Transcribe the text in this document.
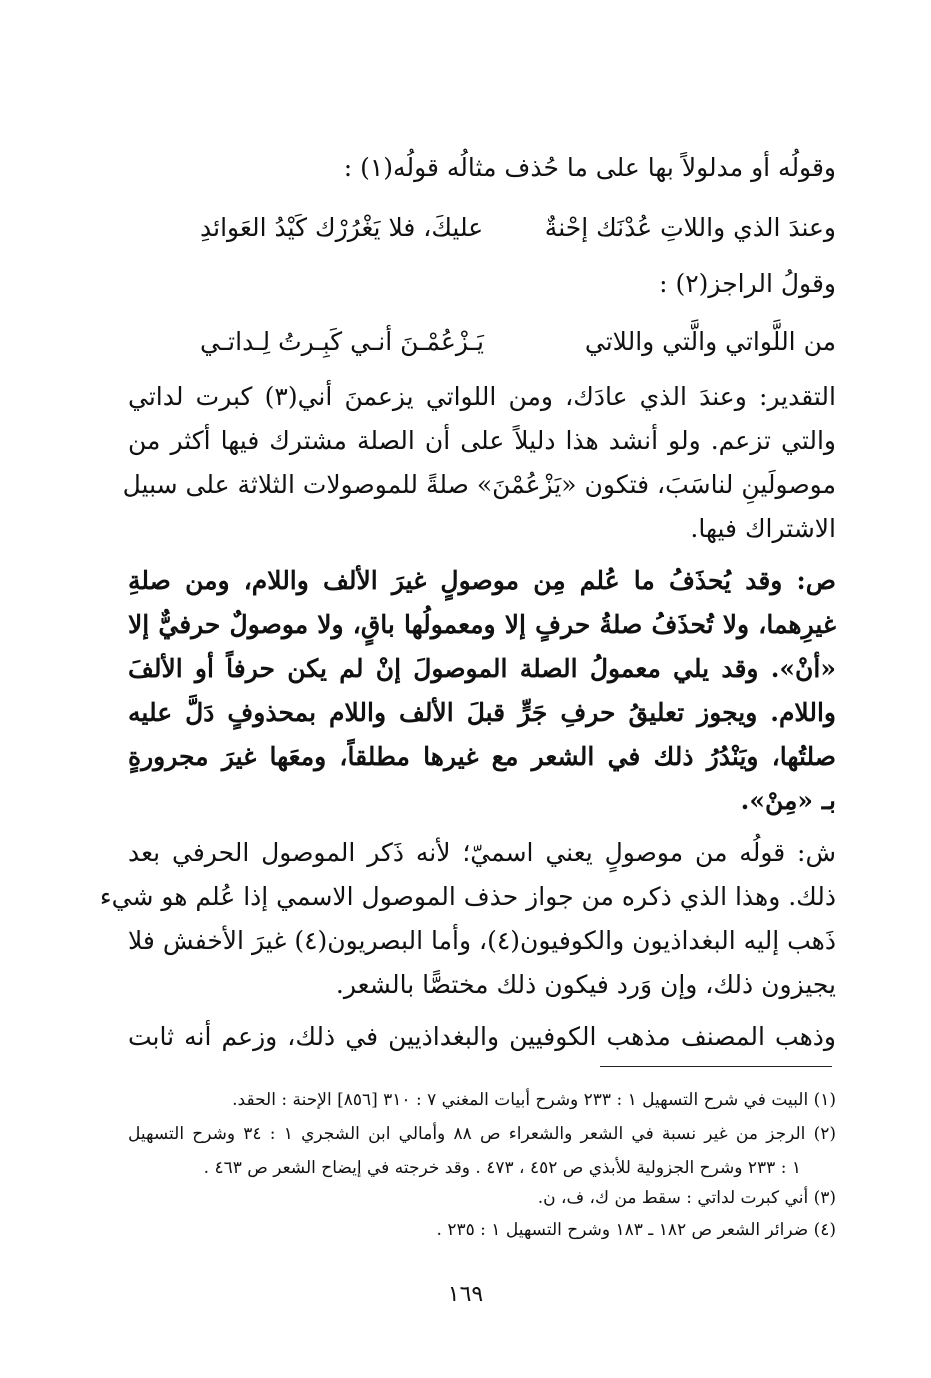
وقولُه أو مدلولاً بها على ما حُذف مثالُه قولُه(١) :
وعندَ الذي واللاتِ عُدْنَك إحْنةٌ
عليكَ، فلا يَغْرُرْك كَيْدُ العَوائدِ
وقولُ الراجز(٢) :
من اللَّواتي والَّتي واللاتي
يَـزْعُمْـنَ أنـي كَبِـرتُ لِـداتـي
التقدير: وعندَ الذي عادَك، ومن اللواتي يزعمنَ أني(٣) كبرت لداتي
والتي تزعم. ولو أنشد هذا دليلاً على أن الصلة مشترك فيها أكثر من
موصولَينِ لناسَبَ، فتكون «يَزْعُمْنَ» صلةً للموصولات الثلاثة على سبيل
الاشتراك فيها.
ص: وقد يُحذَفُ ما عُلم مِن موصولٍ غيرَ الألف واللام، ومن صلةِ
غيرِهما، ولا تُحذَفُ صلةُ حرفٍ إلا ومعمولُها باقٍ، ولا موصولٌ حرفيٌّ إلا
«أنْ». وقد يلي معمولُ الصلة الموصولَ إنْ لم يكن حرفاً أو الألفَ
واللام. ويجوز تعليقُ حرفِ جَرٍّ قبلَ الألف واللام بمحذوفٍ دَلَّ عليه
صلتُها، ويَنْدُرُ ذلك في الشعر مع غيرها مطلقاً، ومعَها غيرَ مجرورةٍ
بـ «مِنْ».
ش: قولُه من موصولٍ يعني اسميّ؛ لأنه ذَكر الموصول الحرفي بعد
ذلك. وهذا الذي ذكره من جواز حذف الموصول الاسمي إذا عُلم هو شيء
ذَهب إليه البغداذيون والكوفيون(٤)، وأما البصريون(٤) غيرَ الأخفش فلا
يجيزون ذلك، وإن وَرد فيكون ذلك مختصًّا بالشعر.
وذهب المصنف مذهب الكوفيين والبغداذيين في ذلك، وزعم أنه ثابت
(١) البيت في شرح التسهيل ١ : ٢٣٣ وشرح أبيات المغني ٧ : ٣١٠ [٨٥٦] الإحنة : الحقد.
(٢) الرجز من غير نسبة في الشعر والشعراء ص ٨٨ وأمالي ابن الشجري ١ : ٣٤ وشرح التسهيل
١ : ٢٣٣ وشرح الجزولية للأبذي ص ٤٥٢ ، ٤٧٣ . وقد خرجته في إيضاح الشعر ص ٤٦٣ .
(٣) أني كبرت لداتي : سقط من ك، ف، ن.
(٤) ضرائر الشعر ص ١٨٢ ـ ١٨٣ وشرح التسهيل ١ : ٢٣٥ .
١٦٩
